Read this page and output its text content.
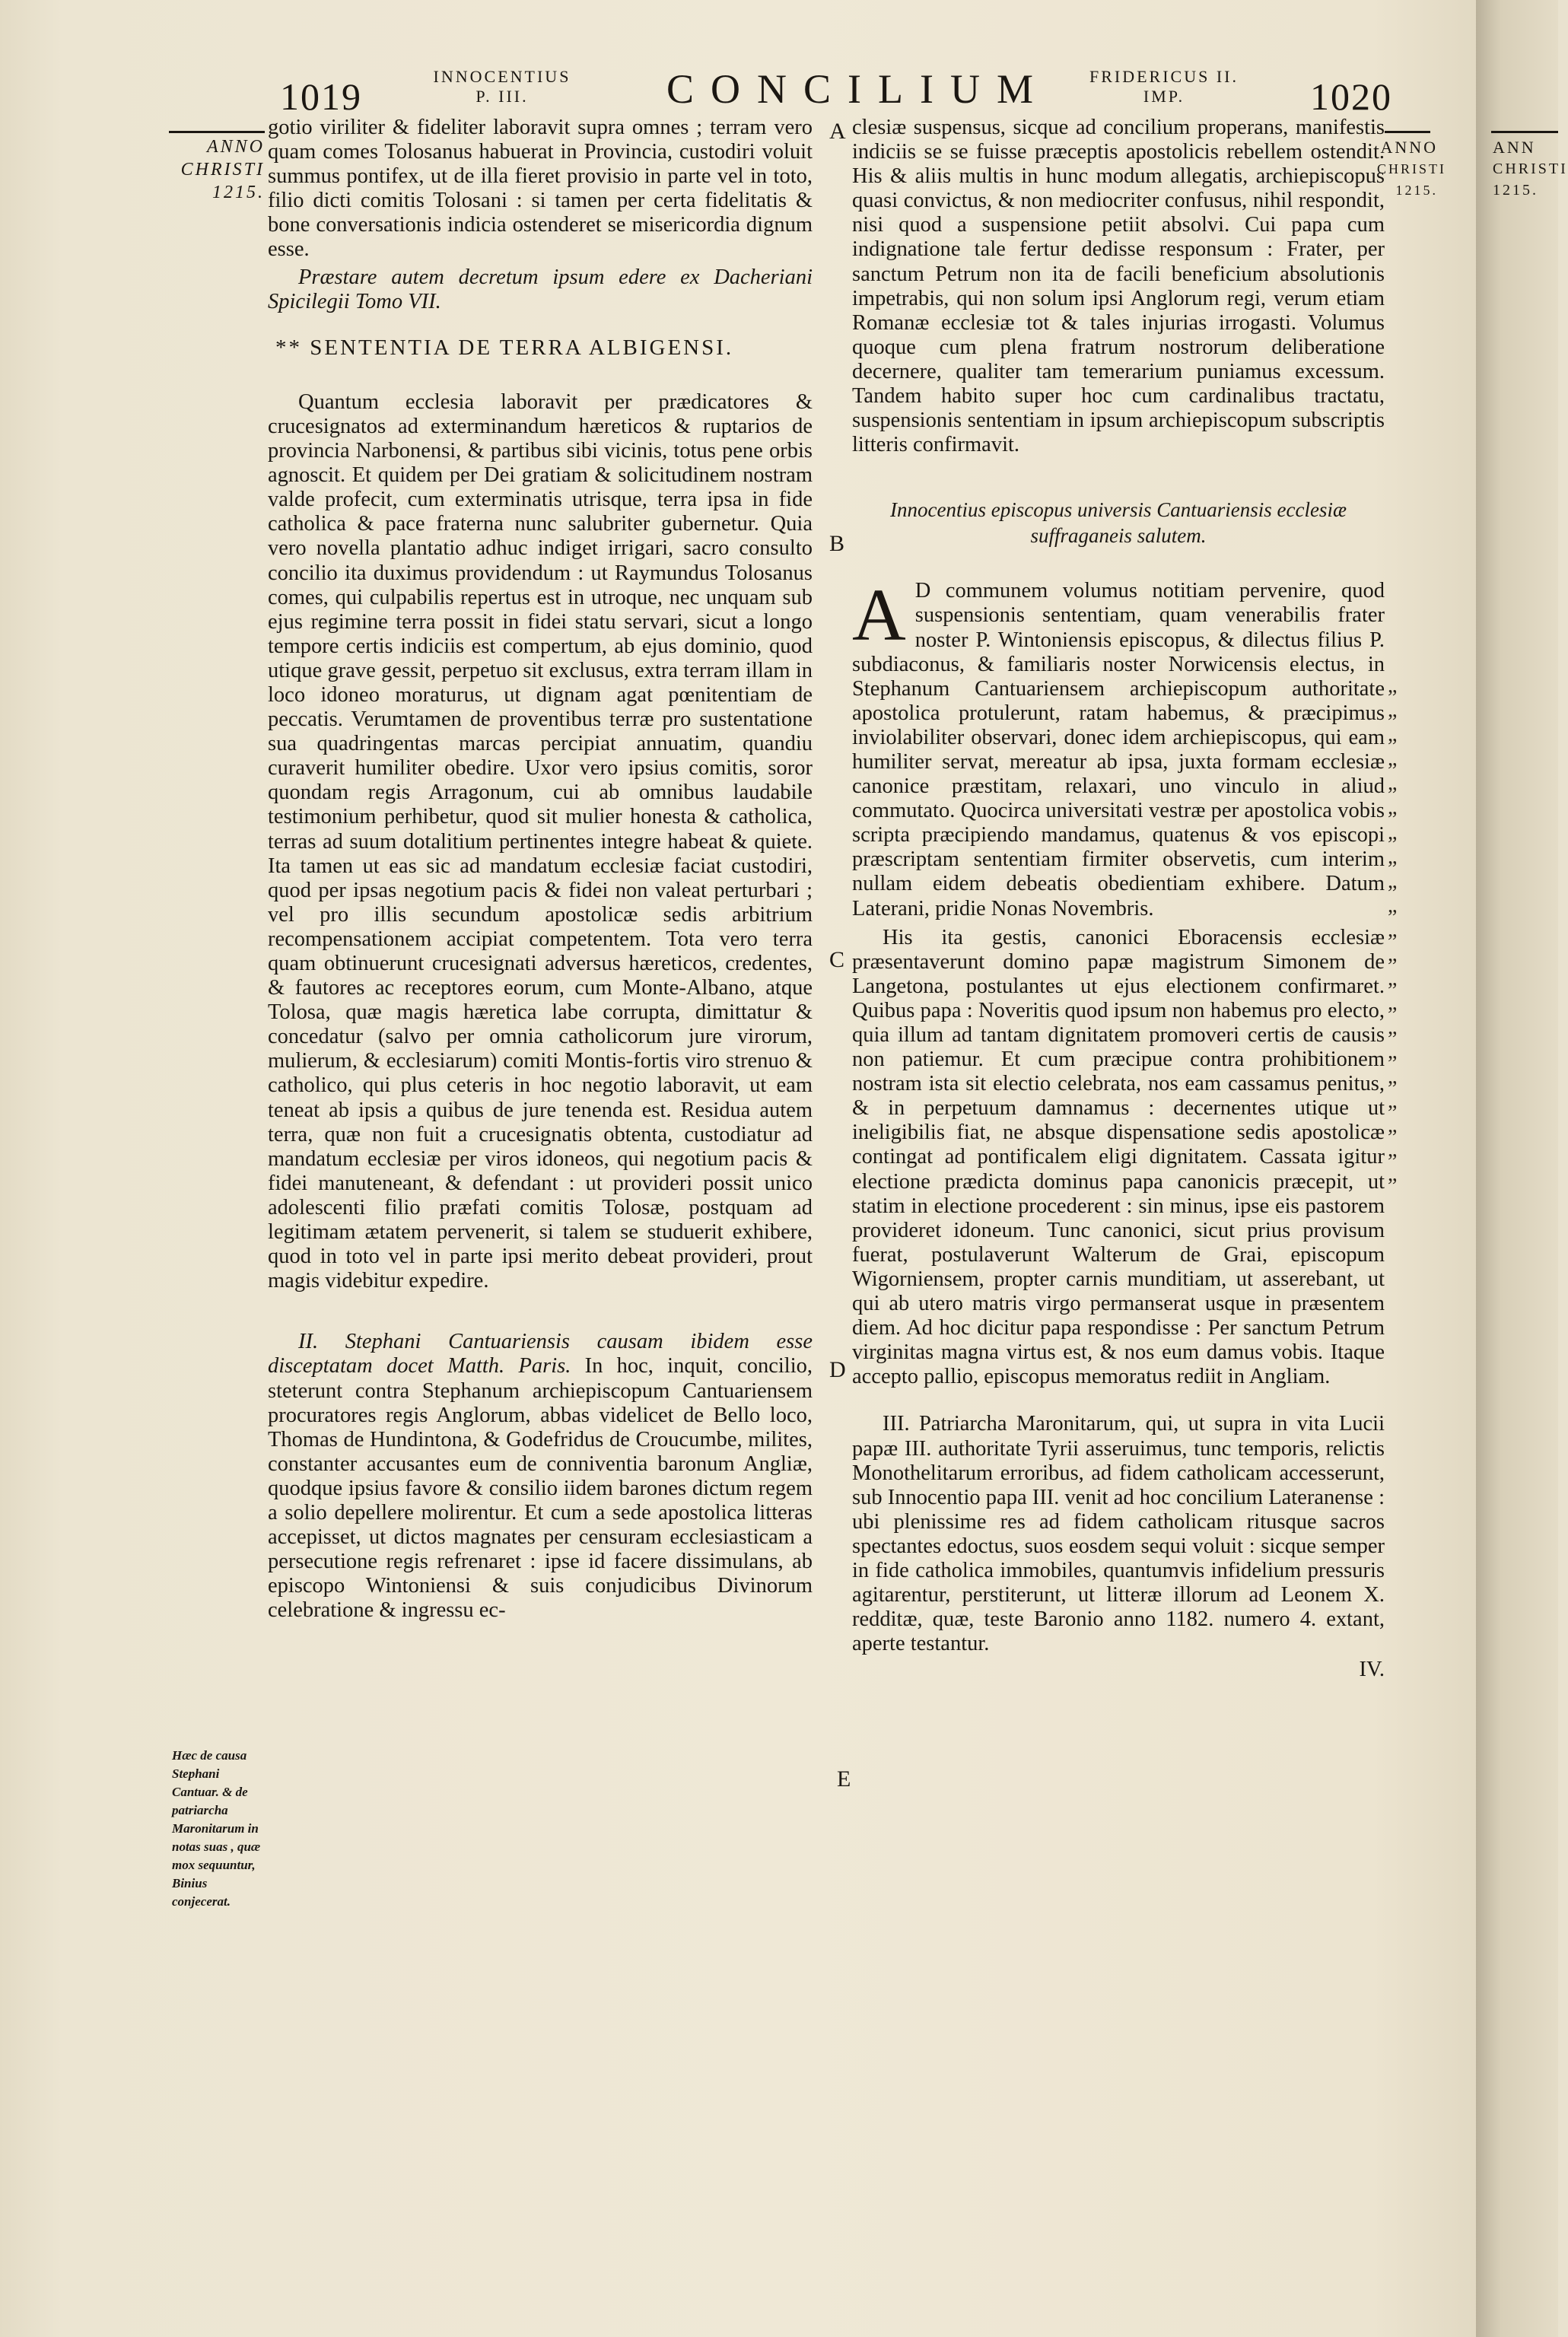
1019	INNOCENTIUS
P. III.	CONCILIUM	FRIDERICUS II.
IMP.	1020
ANNO
CHRISTI
1215.
ANNO
CHRISTI
1215.
ANN
CHRISTI
1215.
A
B
C
D
E

gotio viriliter & fideliter laboravit supra omnes ; terram vero quam comes Tolosanus habuerat in Provincia, custodiri voluit summus pontifex, ut de illa fieret provisio in parte vel in toto, filio dicti comitis Tolosani : si tamen per certa fidelitatis & bone conversationis indicia ostenderet se misericordia dignum esse.

Præstare autem decretum ipsum edere ex Dacheriani Spicilegii Tomo VII.

** SENTENTIA DE TERRA ALBIGENSI.

Quantum ecclesia laboravit per prædicatores & crucesignatos ad exterminandum hæreticos & ruptarios de provincia Narbonensi, & partibus sibi vicinis, totus pene orbis agnoscit. Et quidem per Dei gratiam & solicitudinem nostram valde profecit, cum exterminatis utrisque, terra ipsa in fide catholica & pace fraterna nunc salubriter gubernetur. Quia vero novella plantatio adhuc indiget irrigari, sacro consulto concilio ita duximus providendum : ut Raymundus Tolosanus comes, qui culpabilis repertus est in utroque, nec unquam sub ejus regimine terra possit in fidei statu servari, sicut a longo tempore certis indiciis est compertum, ab ejus dominio, quod utique grave gessit, perpetuo sit exclusus, extra terram illam in loco idoneo moraturus, ut dignam agat pœnitentiam de peccatis. Verumtamen de proventibus terræ pro sustentatione sua quadringentas marcas percipiat annuatim, quandiu curaverit humiliter obedire. Uxor vero ipsius comitis, soror quondam regis Arragonum, cui ab omnibus laudabile testimonium perhibetur, quod sit mulier honesta & catholica, terras ad suum dotalitium pertinentes integre habeat & quiete. Ita tamen ut eas sic ad mandatum ecclesiæ faciat custodiri, quod per ipsas negotium pacis & fidei non valeat perturbari ; vel pro illis secundum apostolicæ sedis arbitrium recompensationem accipiat competentem. Tota vero terra quam obtinuerunt crucesignati adversus hæreticos, credentes, & fautores ac receptores eorum, cum Monte-Albano, atque Tolosa, quæ magis hæretica labe corrupta, dimittatur & concedatur (salvo per omnia catholicorum jure virorum, mulierum, & ecclesiarum) comiti Montis-fortis viro strenuo & catholico, qui plus ceteris in hoc negotio laboravit, ut eam teneat ab ipsis a quibus de jure tenenda est. Residua autem terra, quæ non fuit a crucesignatis obtenta, custodiatur ad mandatum ecclesiæ per viros idoneos, qui negotium pacis & fidei manuteneant, & defendant : ut provideri possit unico adolescenti filio præfati comitis Tolosæ, postquam ad legitimam ætatem pervenerit, si talem se studuerit exhibere, quod in toto vel in parte ipsi merito debeat provideri, prout magis videbitur expedire.

II. Stephani Cantuariensis causam ibidem esse disceptatam docet Matth. Paris. In hoc, inquit, concilio, steterunt contra Stephanum archiepiscopum Cantuariensem procuratores regis Anglorum, abbas videlicet de Bello loco, Thomas de Hundintona, & Godefridus de Croucumbe, milites, constanter accusantes eum de conniventia baronum Angliæ, quodque ipsius favore & consilio iidem barones dictum regem a solio depellere molirentur. Et cum a sede apostolica litteras accepisset, ut dictos magnates per censuram ecclesiasticam a persecutione regis refrenaret : ipse id facere dissimulans, ab episcopo Wintoniensi & suis conjudicibus Divinorum celebratione & ingressu ec-

Hæc de causa Stephani Cantuar. & de patriarcha Maronitarum in notas suas , quæ mox sequuntur, Binius conjecerat.

clesiæ suspensus, sicque ad concilium properans, manifestis indiciis se se fuisse præceptis apostolicis rebellem ostendit. His & aliis multis in hunc modum allegatis, archiepiscopus quasi convictus, & non mediocriter confusus, nihil respondit, nisi quod a suspensione petiit absolvi. Cui papa cum indignatione tale fertur dedisse responsum : Frater, per sanctum Petrum non ita de facili beneficium absolutionis impetrabis, qui non solum ipsi Anglorum regi, verum etiam Romanæ ecclesiæ tot & tales injurias irrogasti. Volumus quoque cum plena fratrum nostrorum deliberatione decernere, qualiter tam temerarium puniamus excessum. Tandem habito super hoc cum cardinalibus tractatu, suspensionis sententiam in ipsum archiepiscopum subscriptis litteris confirmavit.

Innocentius episcopus universis Cantuariensis ecclesiæ suffraganeis salutem.

A D communem volumus notitiam pervenire, quod suspensionis sententiam, quam venerabilis frater noster P. Wintoniensis episcopus, & dilectus filius P. subdiaconus, & familiaris noster Norwicensis electus, in Stephanum Cantuariensem archiepiscopum authoritate apostolica protulerunt, ratam habemus, & præcipimus inviolabiliter observari, donec idem archiepiscopus, qui eam humiliter servat, mereatur ab ipsa, juxta formam ecclesiæ canonice præstitam, relaxari, uno vinculo in aliud commutato. Quocirca universitati vestræ per apostolica vobis scripta præcipiendo mandamus, quatenus & vos episcopi præscriptam sententiam firmiter observetis, cum interim nullam eidem debeatis obedientiam exhibere. Datum Laterani, pridie Nonas Novembris.

His ita gestis, canonici Eboracensis ecclesiæ præsentaverunt domino papæ magistrum Simonem de Langetona, postulantes ut ejus electionem confirmaret. Quibus papa : Noveritis quod ipsum non habemus pro electo, quia illum ad tantam dignitatem promoveri certis de causis non patiemur. Et cum præcipue contra prohibitionem nostram ista sit electio celebrata, nos eam cassamus penitus, & in perpetuum damnamus : decernentes utique ut ineligibilis fiat, ne absque dispensatione sedis apostolicæ contingat ad pontificalem eligi dignitatem. Cassata igitur electione prædicta dominus papa canonicis præcepit, ut statim in electione procederent : sin minus, ipse eis pastorem provideret idoneum. Tunc canonici, sicut prius provisum fuerat, postulaverunt Walterum de Grai, episcopum Wigorniensem, propter carnis munditiam, ut asserebant, ut qui ab utero matris virgo permanserat usque in præsentem diem. Ad hoc dicitur papa respondisse : Per sanctum Petrum virginitas magna virtus est, & nos eum damus vobis. Itaque accepto pallio, episcopus memoratus rediit in Angliam.

III. Patriarcha Maronitarum, qui, ut supra in vita Lucii papæ III. authoritate Tyrii asseruimus, tunc temporis, relictis Monothelitarum erroribus, ad fidem catholicam accesserunt, sub Innocentio papa III. venit ad hoc concilium Lateranense : ubi plenissime res ad fidem catholicam ritusque sacros spectantes edoctus, suos eosdem sequi voluit : sicque semper in fide catholica immobiles, quantumvis infidelium pressuris agitarentur, perstiterunt, ut litteræ illorum ad Leonem X. redditæ, quæ, teste Baronio anno 1182. numero 4. extant, aperte testantur.

IV.

„
„
„
„
„
„
„
„
„
„
„
„
„
„
„
„
„
„
„
„
„
